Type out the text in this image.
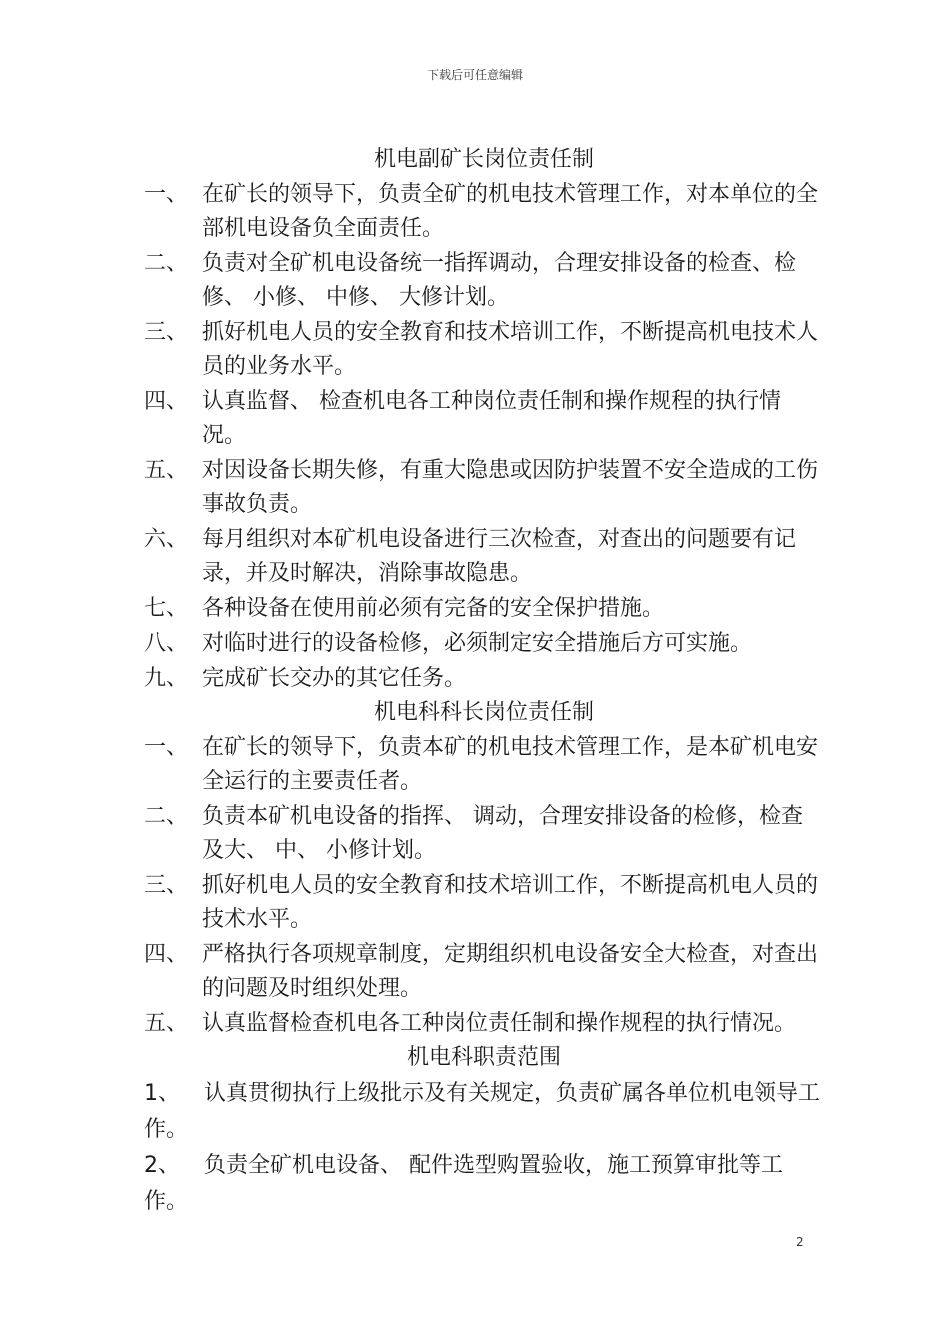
下载后可任意编辑
机电副矿长岗位责任制
一、 在矿长的领导下，负责全矿的机电技术管理工作，对本单位的全部机电设备负全面责任。
二、 负责对全矿机电设备统一指挥调动，合理安排设备的检查、检修、 小修、 中修、 大修计划。
三、 抓好机电人员的安全教育和技术培训工作，不断提高机电技术人员的业务水平。
四、 认真监督、 检查机电各工种岗位责任制和操作规程的执行情况。
五、 对因设备长期失修，有重大隐患或因防护装置不安全造成的工伤事故负责。
六、 每月组织对本矿机电设备进行三次检查，对查出的问题要有记录，并及时解决，消除事故隐患。
七、 各种设备在使用前必须有完备的安全保护措施。
八、 对临时进行的设备检修，必须制定安全措施后方可实施。
九、 完成矿长交办的其它任务。
机电科科长岗位责任制
一、 在矿长的领导下，负责本矿的机电技术管理工作，是本矿机电安全运行的主要责任者。
二、 负责本矿机电设备的指挥、 调动，合理安排设备的检修，检查及大、 中、 小修计划。
三、 抓好机电人员的安全教育和技术培训工作，不断提高机电人员的技术水平。
四、 严格执行各项规章制度，定期组织机电设备安全大检查，对查出的问题及时组织处理。
五、 认真监督检查机电各工种岗位责任制和操作规程的执行情况。
机电科职责范围
1、 认真贯彻执行上级批示及有关规定，负责矿属各单位机电领导工作。
2、 负责全矿机电设备、 配件选型购置验收，施工预算审批等工作。
2
